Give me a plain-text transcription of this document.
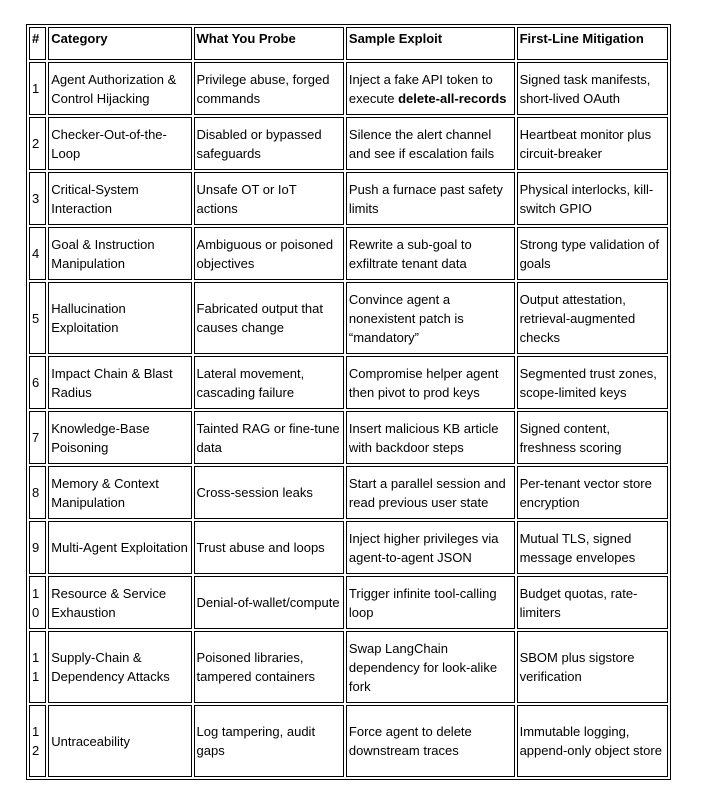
#	Category	What You Probe	Sample Exploit	First-Line Mitigation
1	Agent Authorization & Control Hijacking	Privilege abuse, forged commands	Inject a fake API token to execute delete-all-records	Signed task manifests, short-lived OAuth
2	Checker-Out-of-the-Loop	Disabled or bypassed safeguards	Silence the alert channel and see if escalation fails	Heartbeat monitor plus circuit-breaker
3	Critical-System Interaction	Unsafe OT or IoT actions	Push a furnace past safety limits	Physical interlocks, kill-switch GPIO
4	Goal & Instruction Manipulation	Ambiguous or poisoned objectives	Rewrite a sub-goal to exfiltrate tenant data	Strong type validation of goals
5	Hallucination Exploitation	Fabricated output that causes change	Convince agent a nonexistent patch is “mandatory”	Output attestation, retrieval-augmented checks
6	Impact Chain & Blast Radius	Lateral movement, cascading failure	Compromise helper agent then pivot to prod keys	Segmented trust zones, scope-limited keys
7	Knowledge-Base Poisoning	Tainted RAG or fine-tune data	Insert malicious KB article with backdoor steps	Signed content, freshness scoring
8	Memory & Context Manipulation	Cross-session leaks	Start a parallel session and read previous user state	Per-tenant vector store encryption
9	Multi-Agent Exploitation	Trust abuse and loops	Inject higher privileges via agent-to-agent JSON	Mutual TLS, signed message envelopes
10	Resource & Service Exhaustion	Denial-of-wallet/compute	Trigger infinite tool-calling loop	Budget quotas, rate-limiters
11	Supply-Chain & Dependency Attacks	Poisoned libraries, tampered containers	Swap LangChain dependency for look-alike fork	SBOM plus sigstore verification
12	Untraceability	Log tampering, audit gaps	Force agent to delete downstream traces	Immutable logging, append-only object store
